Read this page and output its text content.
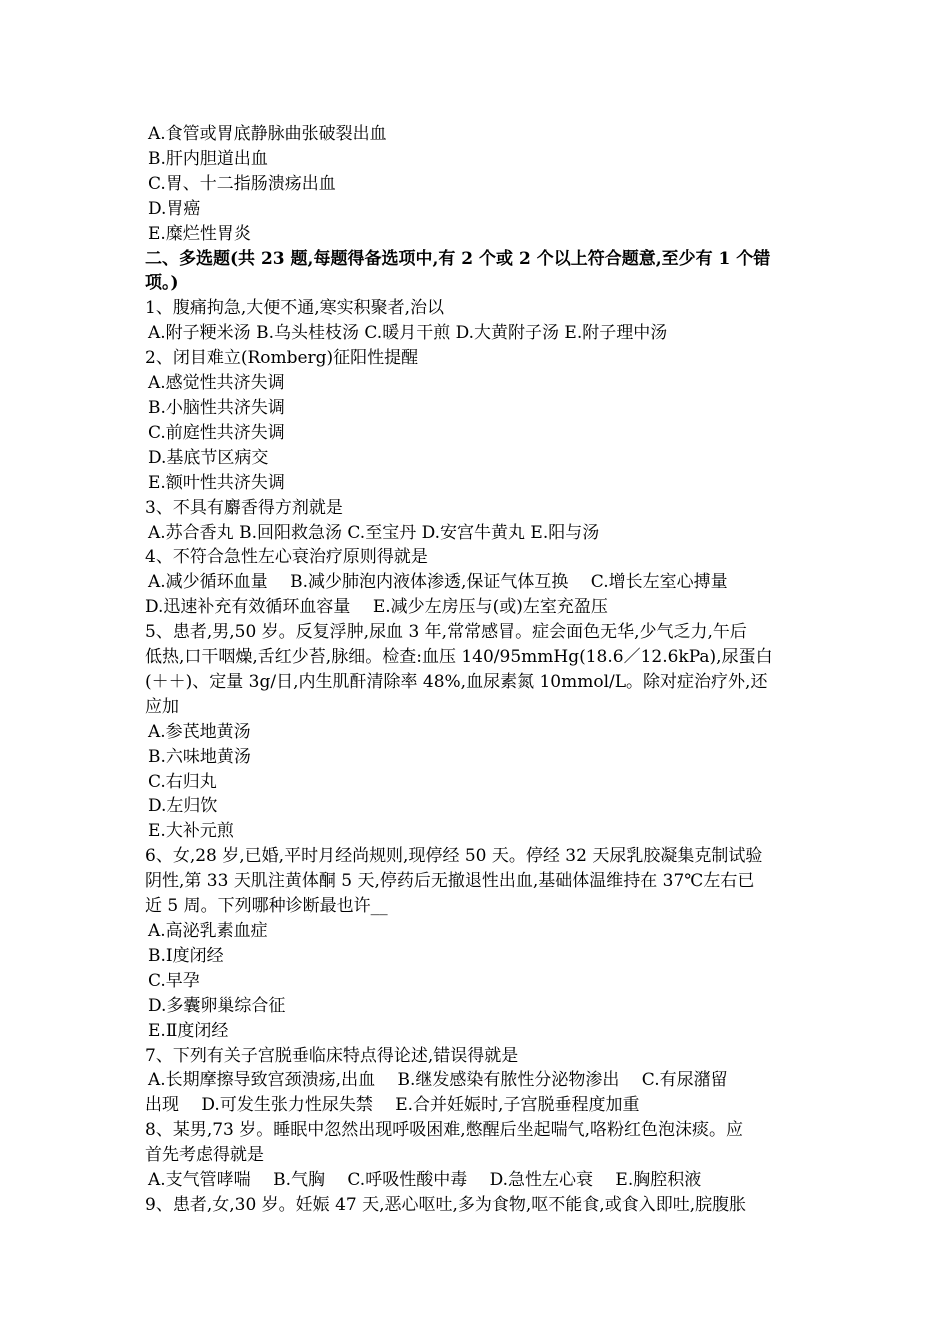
A.食管或胃底静脉曲张破裂出血
B.肝内胆道出血
C.胃、十二指肠溃疡出血
D.胃癌
E.糜烂性胃炎
二、多选题(共 23 题,每题得备选项中,有 2 个或 2 个以上符合题意,至少有 1 个错
项。)
1、腹痛拘急,大便不通,寒实积聚者,治以
A.附子粳米汤 B.乌头桂枝汤 C.暖月干煎 D.大黄附子汤 E.附子理中汤
2、闭目难立(Romberg)征阳性提醒
A.感觉性共济失调
B.小脑性共济失调
C.前庭性共济失调
D.基底节区病交
E.额叶性共济失调
3、不具有麝香得方剂就是
A.苏合香丸 B.回阳救急汤 C.至宝丹 D.安宫牛黄丸 E.阳与汤
4、不符合急性左心衰治疗原则得就是
A.减少循环血量　 B.减少肺泡内液体渗透,保证气体互换　 C.增长左室心搏量
D.迅速补充有效循环血容量　 E.减少左房压与(或)左室充盈压
5、患者,男,50 岁。反复浮肿,尿血 3 年,常常感冒。症会面色无华,少气乏力,午后
低热,口干咽燥,舌红少苔,脉细。检查:血压 140/95mmHg(18.6／12.6kPa),尿蛋白
(＋＋)、定量 3g/日,内生肌酐清除率 48%,血尿素氮 10mmol/L。除对症治疗外,还
应加
A.参芪地黄汤
B.六味地黄汤
C.右归丸
D.左归饮
E.大补元煎
6、女,28 岁,已婚,平时月经尚规则,现停经 50 天。停经 32 天尿乳胶凝集克制试验
阴性,第 33 天肌注黄体酮 5 天,停药后无撤退性出血,基础体温维持在 37℃左右已
近 5 周。下列哪种诊断最也许__
A.高泌乳素血症
B.Ⅰ度闭经
C.早孕
D.多囊卵巢综合征
E.Ⅱ度闭经
7、下列有关子宫脱垂临床特点得论述,错误得就是
A.长期摩擦导致宫颈溃疡,出血　 B.继发感染有脓性分泌物渗出　 C.有尿潴留
出现　 D.可发生张力性尿失禁　 E.合并妊娠时,子宫脱垂程度加重
8、某男,73 岁。睡眠中忽然出现呼吸困难,憋醒后坐起喘气,咯粉红色泡沫痰。应
首先考虑得就是
A.支气管哮喘　 B.气胸　 C.呼吸性酸中毒　 D.急性左心衰　 E.胸腔积液
9、患者,女,30 岁。妊娠 47 天,恶心呕吐,多为食物,呕不能食,或食入即吐,脘腹胀
